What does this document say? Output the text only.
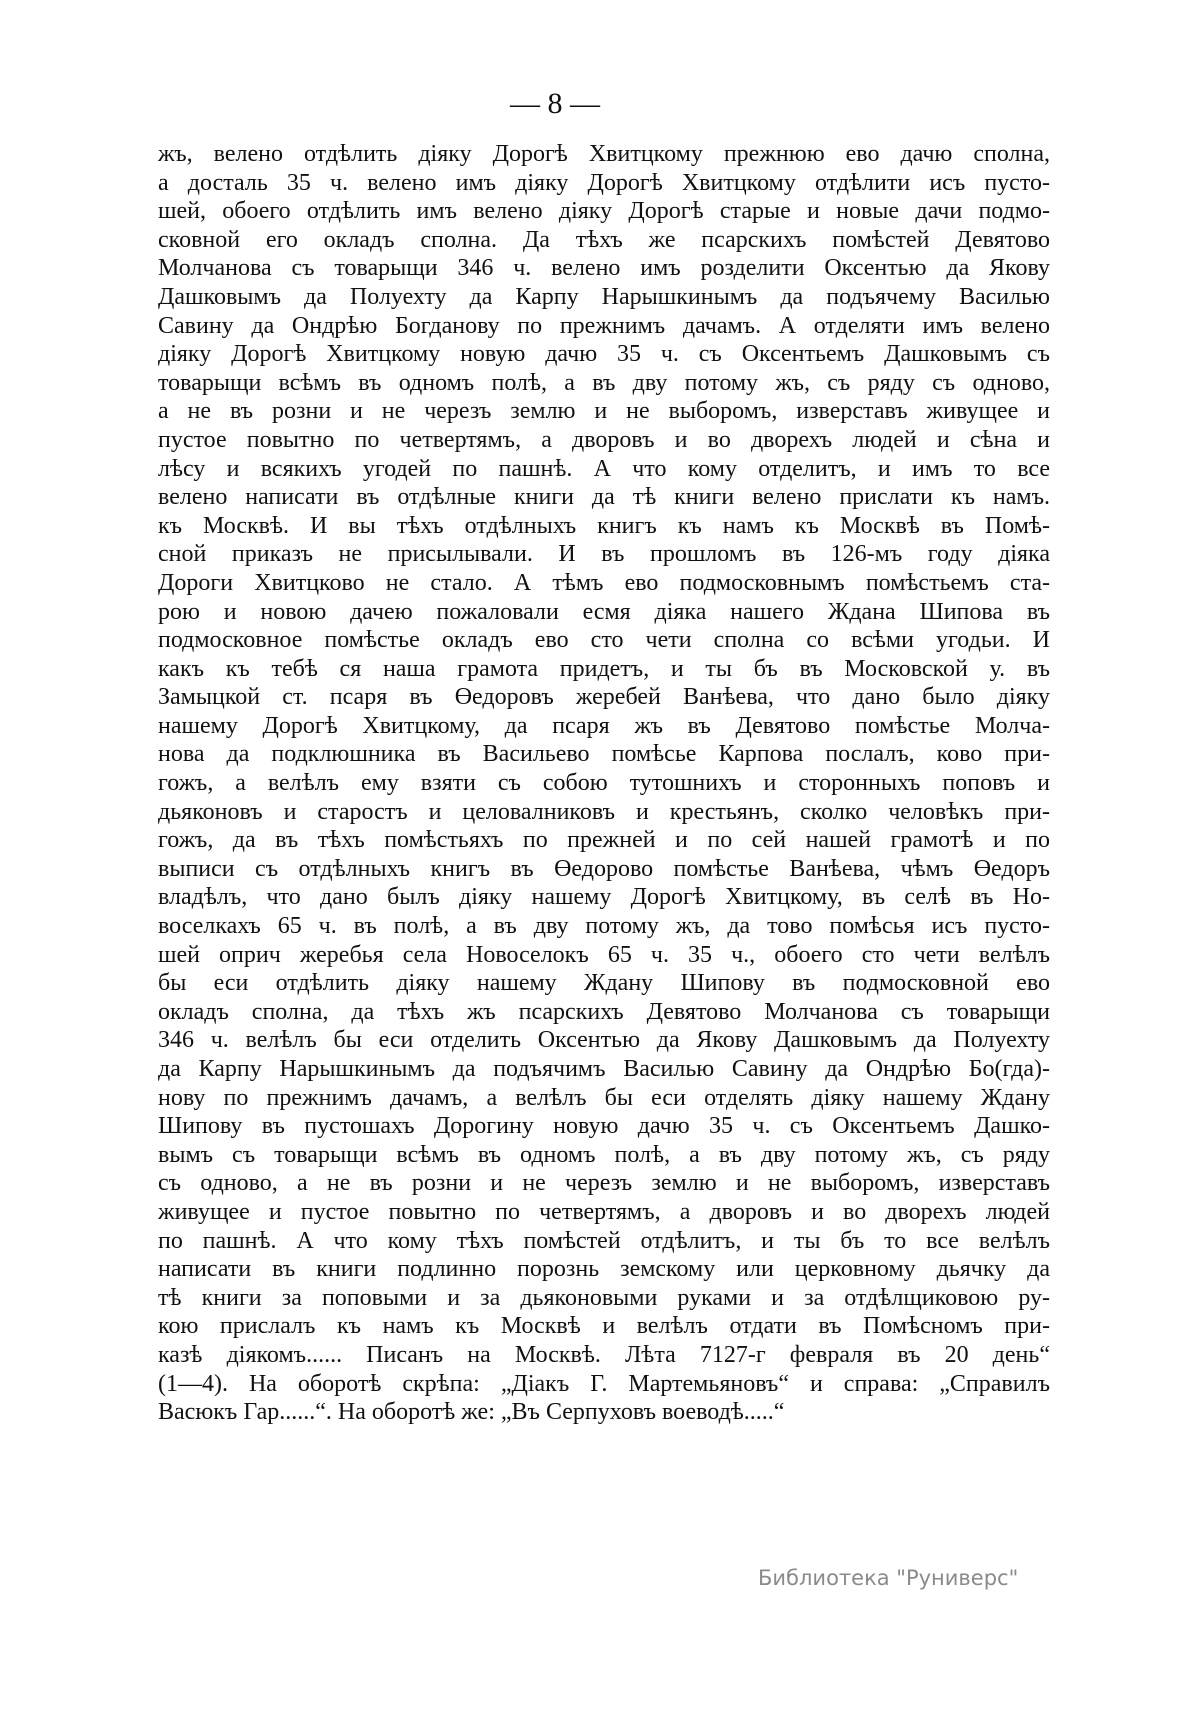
— 8 —
жъ, велено отдѣлить діяку Дорогѣ Хвитцкому прежнюю ево дачю сполна,
а досталь 35 ч. велено имъ діяку Дорогѣ Хвитцкому отдѣлити исъ пусто-
шей, обоего отдѣлить имъ велено діяку Дорогѣ старые и новые дачи подмо-
сковной его окладъ сполна. Да тѣхъ же псарскихъ помѣстей Девятово
Молчанова съ товарыщи 346 ч. велено имъ розделити Оксентью да Якову
Дашковымъ да Полуехту да Карпу Нарышкинымъ да подъячему Василью
Савину да Ондрѣю Богданову по прежнимъ дачамъ. А отделяти имъ велено
діяку Дорогѣ Хвитцкому новую дачю 35 ч. съ Оксентьемъ Дашковымъ съ
товарыщи всѣмъ въ одномъ полѣ, а въ дву потому жъ, съ ряду съ одново,
а не въ розни и не черезъ землю и не выборомъ, изверставъ живущее и
пустое повытно по четвертямъ, а дворовъ и во дворехъ людей и сѣна и
лѣсу и всякихъ угодей по пашнѣ. А что кому отделитъ, и имъ то все
велено написати въ отдѣлные книги да тѣ книги велено прислати къ намъ.
къ Москвѣ. И вы тѣхъ отдѣлныхъ книгъ къ намъ къ Москвѣ въ Помѣ-
сной приказъ не присылывали. И въ прошломъ въ 126-мъ году діяка
Дороги Хвитцково не стало. А тѣмъ ево подмосковнымъ помѣстьемъ ста-
рою и новою дачею пожаловали есмя діяка нашего Ждана Шипова въ
подмосковное помѣстье окладъ ево сто чети сполна со всѣми угодьи. И
какъ къ тебѣ ся наша грамота придетъ, и ты бъ въ Московской у. въ
Замыцкой ст. псаря въ Өедоровъ жеребей Ванѣева, что дано было діяку
нашему Дорогѣ Хвитцкому, да псаря жъ въ Девятово помѣстье Молча-
нова да подклюшника въ Васильево помѣсье Карпова послалъ, ково при-
гожъ, а велѣлъ ему взяти съ собою тутошнихъ и сторонныхъ поповъ и
дьяконовъ и старостъ и целовалниковъ и крестьянъ, сколко человѣкъ при-
гожъ, да въ тѣхъ помѣстьяхъ по прежней и по сей нашей грамотѣ и по
выписи съ отдѣлныхъ книгъ въ Өедорово помѣстье Ванѣева, чѣмъ Өедоръ
владѣлъ, что дано былъ діяку нашему Дорогѣ Хвитцкому, въ селѣ въ Но-
воселкахъ 65 ч. въ полѣ, а въ дву потому жъ, да тово помѣсья исъ пусто-
шей оприч жеребья села Новоселокъ 65 ч. 35 ч., обоего сто чети велѣлъ
бы еси отдѣлить діяку нашему Ждану Шипову въ подмосковной ево
окладъ сполна, да тѣхъ жъ псарскихъ Девятово Молчанова съ товарыщи
346 ч. велѣлъ бы еси отделить Оксентью да Якову Дашковымъ да Полуехту
да Карпу Нарышкинымъ да подъячимъ Василью Савину да Ондрѣю Бо(гда)-
нову по прежнимъ дачамъ, а велѣлъ бы еси отделять діяку нашему Ждану
Шипову въ пустошахъ Дорогину новую дачю 35 ч. съ Оксентьемъ Дашко-
вымъ съ товарыщи всѣмъ въ одномъ полѣ, а въ дву потому жъ, съ ряду
съ одново, а не въ розни и не черезъ землю и не выборомъ, изверставъ
живущее и пустое повытно по четвертямъ, а дворовъ и во дворехъ людей
по пашнѣ. А что кому тѣхъ помѣстей отдѣлитъ, и ты бъ то все велѣлъ
написати въ книги подлинно порознь земскому или церковному дьячку да
тѣ книги за поповыми и за дьяконовыми руками и за отдѣлщиковою ру-
кою прислалъ къ намъ къ Москвѣ и велѣлъ отдати въ Помѣсномъ при-
казѣ діякомъ...... Писанъ на Москвѣ. Лѣта 7127-г февраля въ 20 день“
(1—4). На оборотѣ скрѣпа: „Діакъ Г. Мартемьяновъ“ и справа: „Справилъ
Васюкъ Гар......“. На оборотѣ же: „Въ Серпуховъ воеводѣ.....“
Библиотека "Руниверс"
